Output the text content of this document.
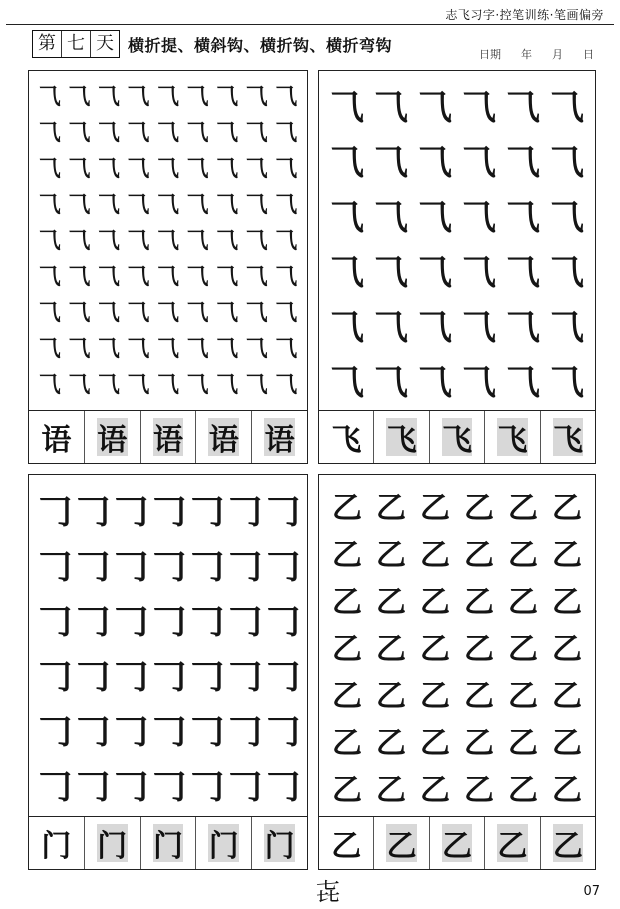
志飞习字·控笔训练·笔画偏旁
第 七 天 横折提、横斜钩、横折钩、横折弯钩	日期 年 月 日
⺄ ⺄ ⺄ ⺄ ⺄ ⺄ ⺄ ⺄ ⺄
⺄ ⺄ ⺄ ⺄ ⺄ ⺄ ⺄ ⺄ ⺄
⺄ ⺄ ⺄ ⺄ ⺄ ⺄ ⺄ ⺄ ⺄
⺄ ⺄ ⺄ ⺄ ⺄ ⺄ ⺄ ⺄ ⺄
⺄ ⺄ ⺄ ⺄ ⺄ ⺄ ⺄ ⺄ ⺄
⺄ ⺄ ⺄ ⺄ ⺄ ⺄ ⺄ ⺄ ⺄
⺄ ⺄ ⺄ ⺄ ⺄ ⺄ ⺄ ⺄ ⺄
⺄ ⺄ ⺄ ⺄ ⺄ ⺄ ⺄ ⺄ ⺄
⺄ ⺄ ⺄ ⺄ ⺄ ⺄ ⺄ ⺄ ⺄
语 语 语 语 语
⺄ ⺄ ⺄ ⺄ ⺄ ⺄
⺄ ⺄ ⺄ ⺄ ⺄ ⺄
⺄ ⺄ ⺄ ⺄ ⺄ ⺄
⺄ ⺄ ⺄ ⺄ ⺄ ⺄
⺄ ⺄ ⺄ ⺄ ⺄ ⺄
⺄ ⺄ ⺄ ⺄ ⺄ ⺄
飞 飞 飞 飞 飞
𠃌 𠃌 𠃌 𠃌 𠃌 𠃌 𠃌
𠃌 𠃌 𠃌 𠃌 𠃌 𠃌 𠃌
𠃌 𠃌 𠃌 𠃌 𠃌 𠃌 𠃌
𠃌 𠃌 𠃌 𠃌 𠃌 𠃌 𠃌
𠃌 𠃌 𠃌 𠃌 𠃌 𠃌 𠃌
𠃌 𠃌 𠃌 𠃌 𠃌 𠃌 𠃌
门 门 门 门 门
乙 乙 乙 乙 乙 乙
乙 乙 乙 乙 乙 乙
乙 乙 乙 乙 乙 乙
乙 乙 乙 乙 乙 乙
乙 乙 乙 乙 乙 乙
乙 乙 乙 乙 乙 乙
乙 乙 乙 乙 乙 乙
乙 乙 乙 乙 乙
㐂	07
